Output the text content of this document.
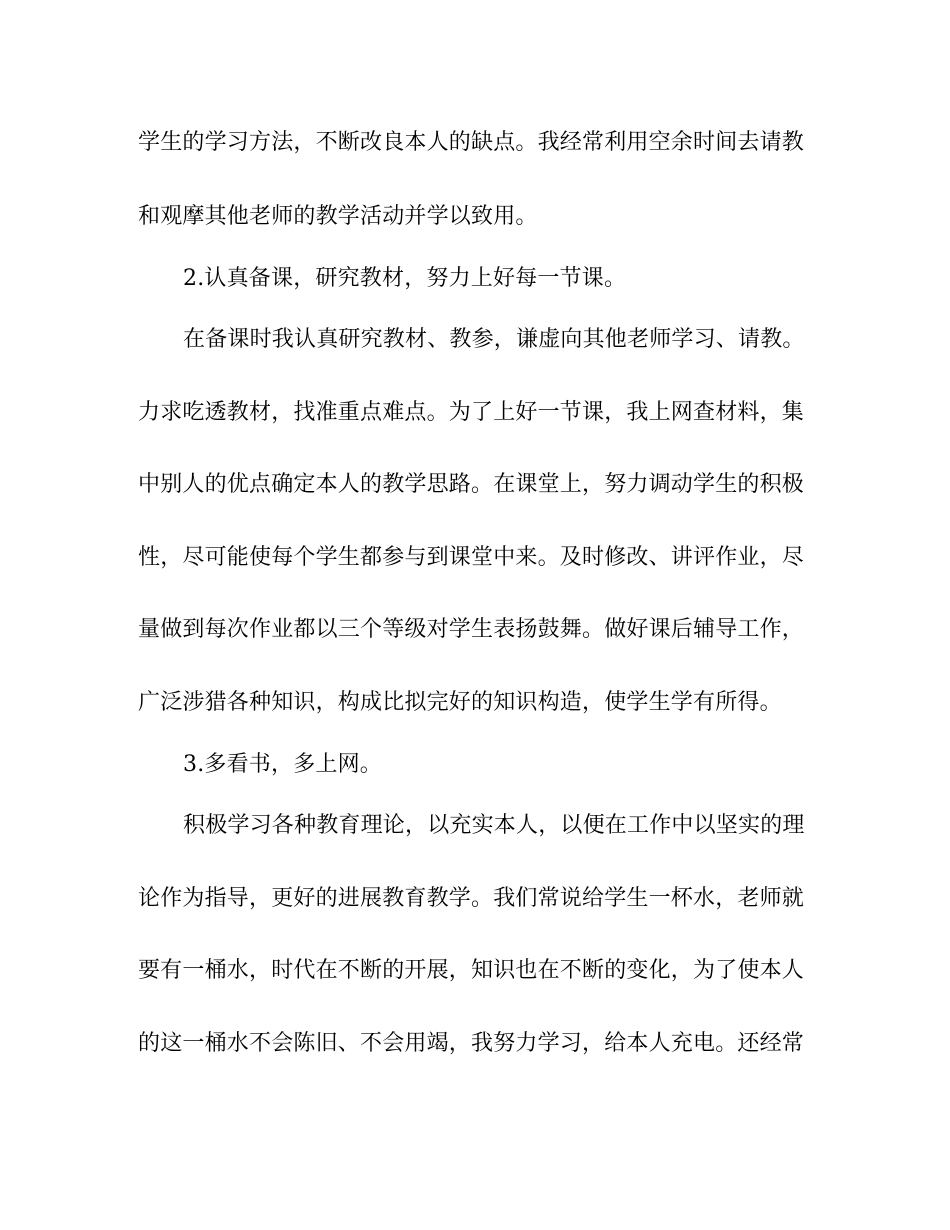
学生的学习方法，不断改良本人的缺点。我经常利用空余时间去请教
和观摩其他老师的教学活动并学以致用。
2.认真备课，研究教材，努力上好每一节课。
在备课时我认真研究教材、教参，谦虚向其他老师学习、请教。
力求吃透教材，找准重点难点。为了上好一节课，我上网查材料，集
中别人的优点确定本人的教学思路。在课堂上，努力调动学生的积极
性，尽可能使每个学生都参与到课堂中来。及时修改、讲评作业，尽
量做到每次作业都以三个等级对学生表扬鼓舞。做好课后辅导工作，
广泛涉猎各种知识，构成比拟完好的知识构造，使学生学有所得。
3.多看书，多上网。
积极学习各种教育理论，以充实本人，以便在工作中以坚实的理
论作为指导，更好的进展教育教学。我们常说给学生一杯水，老师就
要有一桶水，时代在不断的开展，知识也在不断的变化，为了使本人
的这一桶水不会陈旧、不会用竭，我努力学习，给本人充电。还经常
